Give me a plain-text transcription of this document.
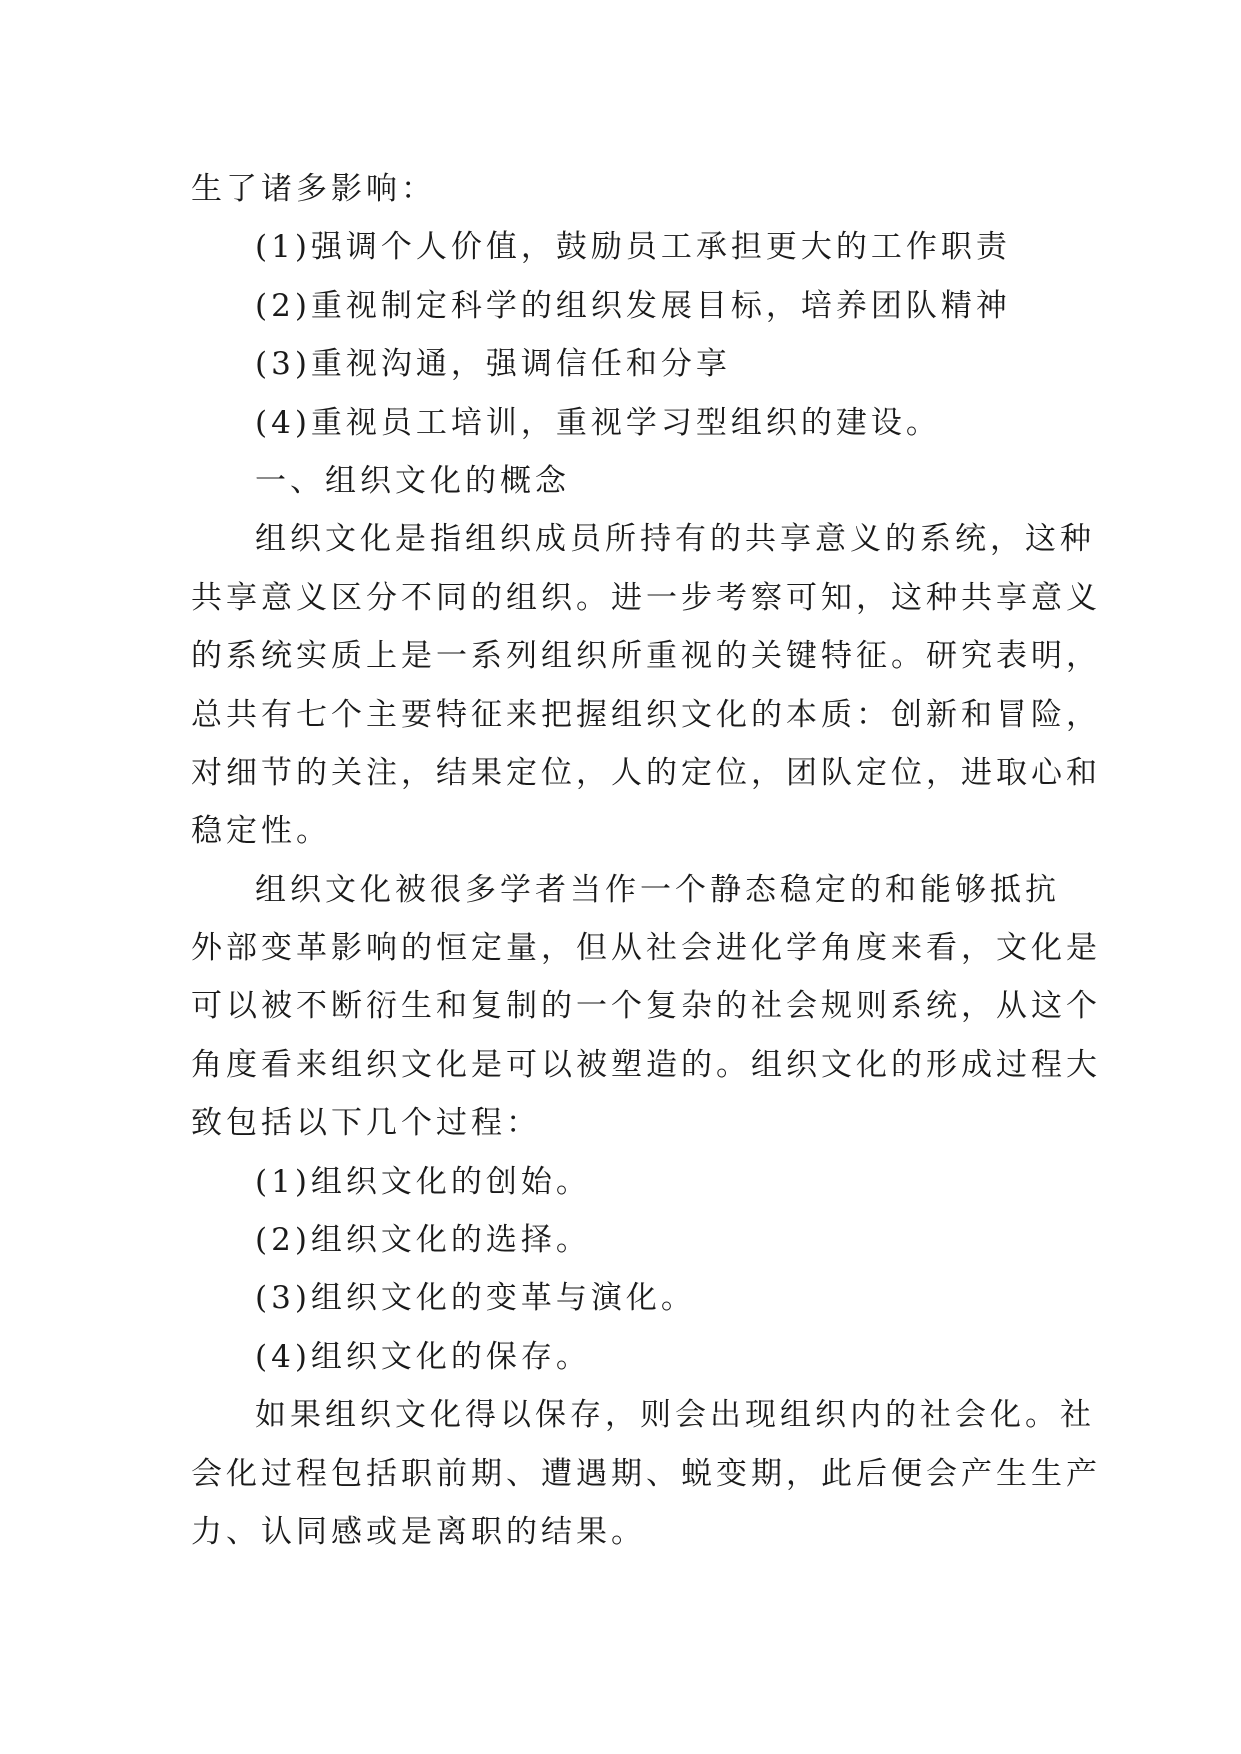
生了诸多影响：

(1)强调个人价值，鼓励员工承担更大的工作职责

(2)重视制定科学的组织发展目标，培养团队精神

(3)重视沟通，强调信任和分享

(4)重视员工培训，重视学习型组织的建设。

一、组织文化的概念

组织文化是指组织成员所持有的共享意义的系统，这种

共享意义区分不同的组织。进一步考察可知，这种共享意义

的系统实质上是一系列组织所重视的关键特征。研究表明，

总共有七个主要特征来把握组织文化的本质：创新和冒险，

对细节的关注，结果定位，人的定位，团队定位，进取心和

稳定性。

组织文化被很多学者当作一个静态稳定的和能够抵抗

外部变革影响的恒定量，但从社会进化学角度来看，文化是

可以被不断衍生和复制的一个复杂的社会规则系统，从这个

角度看来组织文化是可以被塑造的。组织文化的形成过程大

致包括以下几个过程：

(1)组织文化的创始。

(2)组织文化的选择。

(3)组织文化的变革与演化。

(4)组织文化的保存。

如果组织文化得以保存，则会出现组织内的社会化。社

会化过程包括职前期、遭遇期、蜕变期，此后便会产生生产

力、认同感或是离职的结果。
